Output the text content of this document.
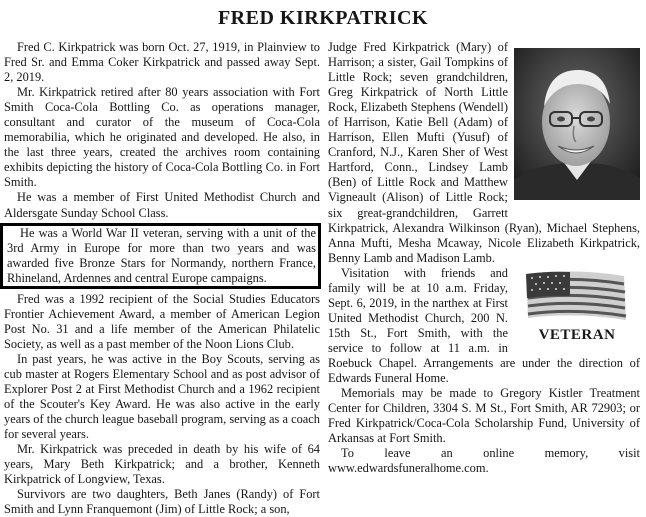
FRED KIRKPATRICK

Fred C. Kirkpatrick was born Oct. 27, 1919, in Plainview to Fred Sr. and Emma Coker Kirkpatrick and passed away Sept. 2, 2019.

Mr. Kirkpatrick retired after 80 years association with Fort Smith Coca-Cola Bottling Co. as operations manager, consultant and curator of the museum of Coca-Cola memorabilia, which he originated and developed. He also, in the last three years, created the archives room containing exhibits depicting the history of Coca-Cola Bottling Co. in Fort Smith.

He was a member of First United Methodist Church and Aldersgate Sunday School Class.

He was a World War II veteran, serving with a unit of the 3rd Army in Europe for more than two years and was awarded five Bronze Stars for Normandy, northern France, Rhineland, Ardennes and central Europe campaigns.

Fred was a 1992 recipient of the Social Studies Educators Frontier Achievement Award, a member of American Legion Post No. 31 and a life member of the American Philatelic Society, as well as a past member of the Noon Lions Club.

In past years, he was active in the Boy Scouts, serving as cub master at Rogers Elementary School and as post advisor of Explorer Post 2 at First Methodist Church and a 1962 recipient of the Scouter's Key Award. He was also active in the early years of the church league baseball program, serving as a coach for several years.

Mr. Kirkpatrick was preceded in death by his wife of 64 years, Mary Beth Kirkpatrick; and a brother, Kenneth Kirkpatrick of Longview, Texas.

Survivors are two daughters, Beth Janes (Randy) of Fort Smith and Lynn Franquemont (Jim) of Little Rock; a son,

Judge Fred Kirkpatrick (Mary) of Harrison; a sister, Gail Tompkins of Little Rock; seven grandchildren, Greg Kirkpatrick of North Little Rock, Elizabeth Stephens (Wendell) of Harrison, Katie Bell (Adam) of Harrison, Ellen Mufti (Yusuf) of Cranford, N.J., Karen Sher of West Hartford, Conn., Lindsey Lamb (Ben) of Little Rock and Matthew Vigneault (Alison) of Little Rock; six great-grandchildren, Garrett Kirkpatrick, Alexandra Wilkinson (Ryan), Michael Stephens, Anna Mufti, Mesha Mcaway, Nicole Elizabeth Kirkpatrick, Benny Lamb and Madison Lamb.

VETERAN

Visitation with friends and family will be at 10 a.m. Friday, Sept. 6, 2019, in the narthex at First United Methodist Church, 200 N. 15th St., Fort Smith, with the service to follow at 11 a.m. in Roebuck Chapel. Arrangements are under the direction of Edwards Funeral Home.

Memorials may be made to Gregory Kistler Treatment Center for Children, 3304 S. M St., Fort Smith, AR 72903; or Fred Kirkpatrick/Coca-Cola Scholarship Fund, University of Arkansas at Fort Smith.

To leave an online memory, visit www.edwardsfuneralhome.com.
